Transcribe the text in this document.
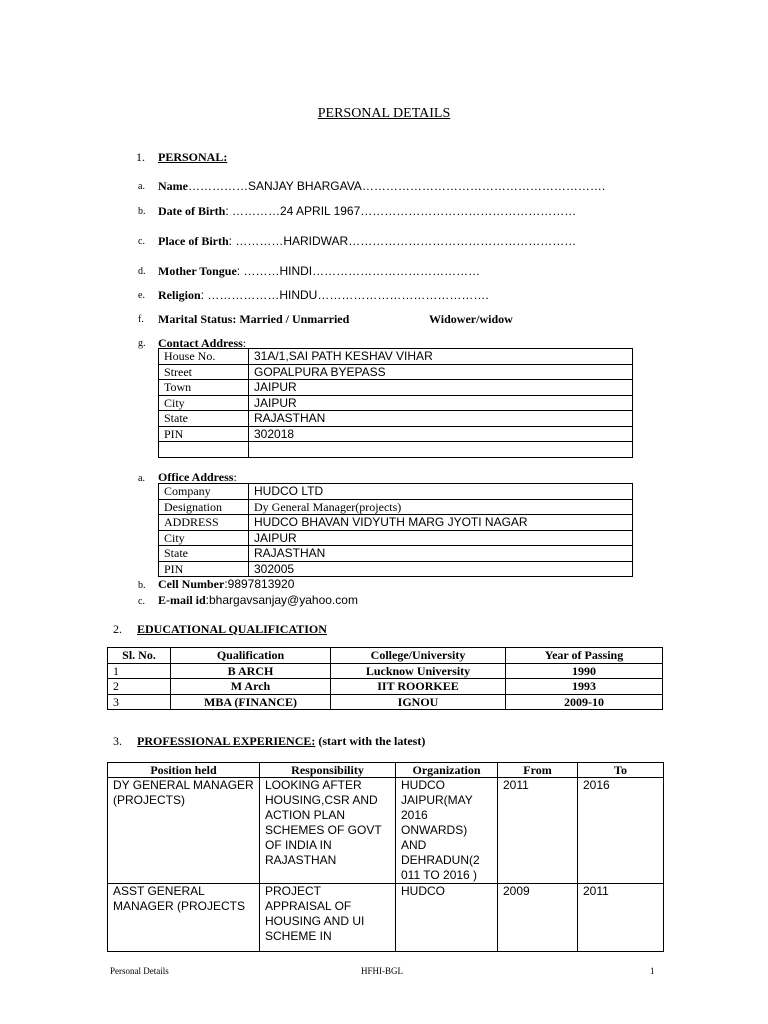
PERSONAL DETAILS
1. PERSONAL:
a. Name……………SANJAY BHARGAVA…………………………………………………….
b. Date of Birth: …………24 APRIL 1967………………………………………………
c. Place of Birth: …………HARIDWAR…………………………………………………
d. Mother Tongue: ………HINDI……………………………………
e. Religion: ………………HINDU…………………………………….
f. Marital Status: Married / Unmarried	Widower/widow
g. Contact Address:
House No.	31A/1,SAI PATH KESHAV VIHAR
Street	GOPALPURA BYEPASS
Town	JAIPUR
City	JAIPUR
State	RAJASTHAN
PIN	302018

a. Office Address:
Company	HUDCO LTD
Designation	Dy General Manager(projects)
ADDRESS	HUDCO BHAVAN VIDYUTH MARG JYOTI NAGAR
City	JAIPUR
State	RAJASTHAN
PIN	302005
b. Cell Number:9897813920
c. E-mail id:bhargavsanjay@yahoo.com
2. EDUCATIONAL QUALIFICATION
Sl. No.	Qualification	College/University	Year of Passing
1	B ARCH	Lucknow University	1990
2	M Arch	IIT ROORKEE	1993
3	MBA (FINANCE)	IGNOU	2009-10
3. PROFESSIONAL EXPERIENCE: (start with the latest)
Position held	Responsibility	Organization	From	To
DY GENERAL MANAGER (PROJECTS)	LOOKING AFTER HOUSING,CSR AND ACTION PLAN SCHEMES OF GOVT OF INDIA IN RAJASTHAN	HUDCO JAIPUR(MAY 2016 ONWARDS) AND DEHRADUN(2 011 TO 2016 )	2011	2016
ASST GENERAL MANAGER (PROJECTS	PROJECT APPRAISAL OF HOUSING AND UI SCHEME IN	HUDCO	2009	2011
Personal Details	HFHI-BGL	1
